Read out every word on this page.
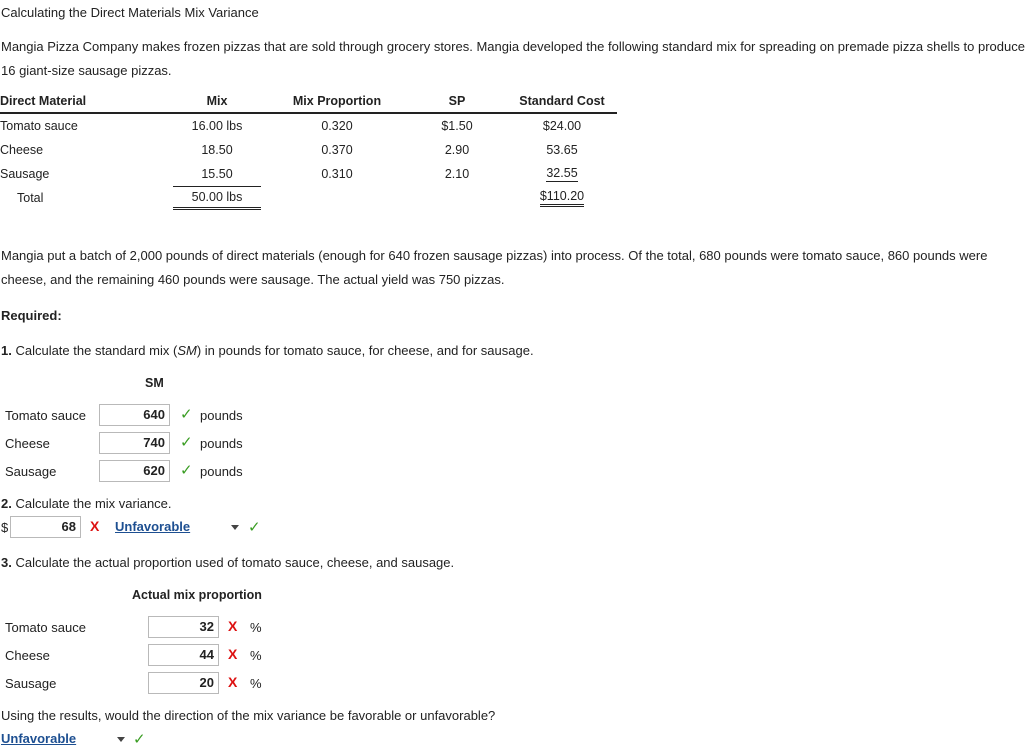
Calculating the Direct Materials Mix Variance
Mangia Pizza Company makes frozen pizzas that are sold through grocery stores. Mangia developed the following standard mix for spreading on premade pizza shells to produce 16 giant-size sausage pizzas.
Direct Material	Mix	Mix Proportion	SP	Standard Cost
Tomato sauce	16.00 lbs	0.320	$1.50	$24.00
Cheese	18.50	0.370	2.90	53.65
Sausage	15.50	0.310	2.10	32.55
Total	50.00 lbs			$110.20
Mangia put a batch of 2,000 pounds of direct materials (enough for 640 frozen sausage pizzas) into process. Of the total, 680 pounds were tomato sauce, 860 pounds were cheese, and the remaining 460 pounds were sausage. The actual yield was 750 pizzas.
Required:
1. Calculate the standard mix (SM) in pounds for tomato sauce, for cheese, and for sausage.
SM
Tomato sauce	640	✓ pounds
Cheese	740	✓ pounds
Sausage	620	✓ pounds
2. Calculate the mix variance.
$	68	X Unfavorable	✓
3. Calculate the actual proportion used of tomato sauce, cheese, and sausage.
Actual mix proportion
Tomato sauce	32	X %
Cheese	44	X %
Sausage	20	X %
Using the results, would the direction of the mix variance be favorable or unfavorable?
Unfavorable	✓
